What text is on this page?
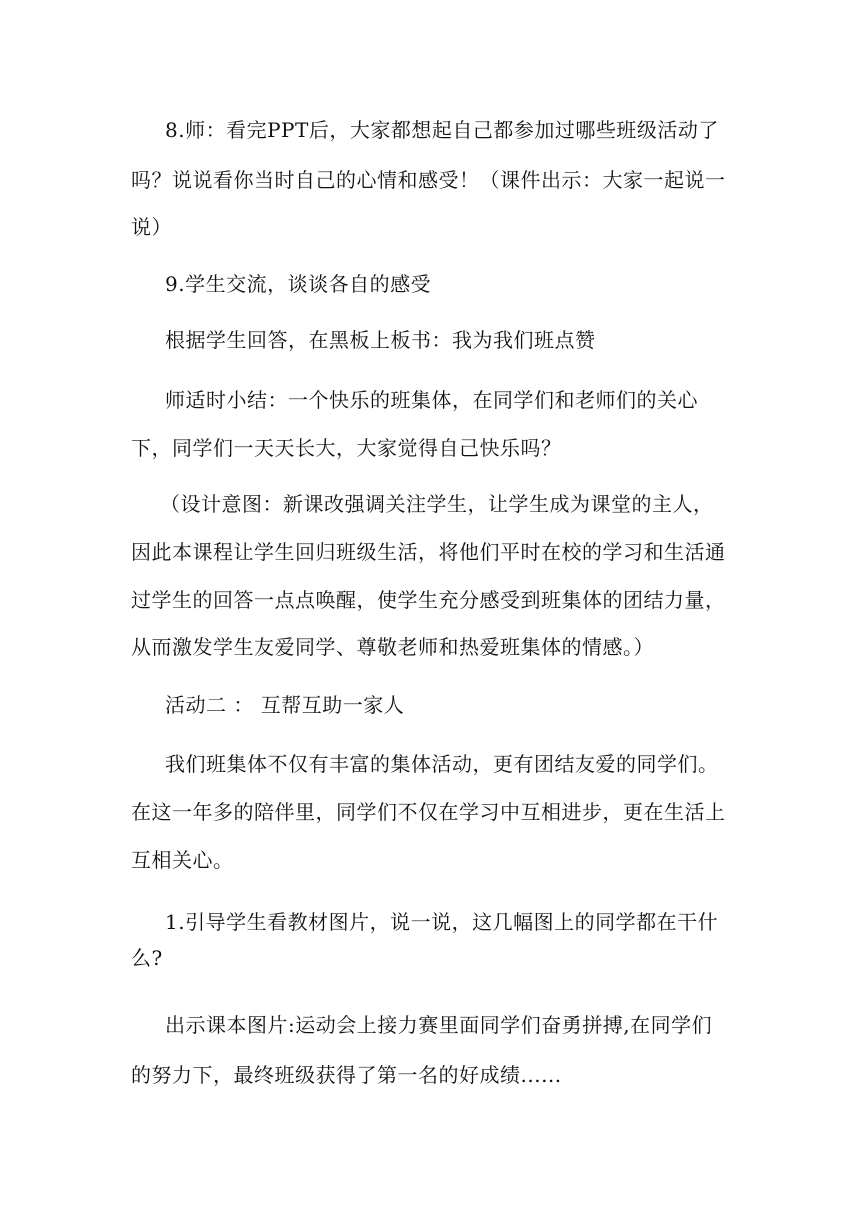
8.师：看完PPT后，大家都想起自己都参加过哪些班级活动了
吗？说说看你当时自己的心情和感受！（课件出示：大家一起说一
说）
9.学生交流，谈谈各自的感受
根据学生回答，在黑板上板书：我为我们班点赞
师适时小结：一个快乐的班集体，在同学们和老师们的关心
下，同学们一天天长大，大家觉得自己快乐吗？
（设计意图：新课改强调关注学生，让学生成为课堂的主人，
因此本课程让学生回归班级生活，将他们平时在校的学习和生活通
过学生的回答一点点唤醒，使学生充分感受到班集体的团结力量，
从而激发学生友爱同学、尊敬老师和热爱班集体的情感。）
活动二 ： 互帮互助一家人
我们班集体不仅有丰富的集体活动，更有团结友爱的同学们。
在这一年多的陪伴里，同学们不仅在学习中互相进步，更在生活上
互相关心。
1.引导学生看教材图片，说一说，这几幅图上的同学都在干什
么?
出示课本图片:运动会上接力赛里面同学们奋勇拼搏,在同学们
的努力下，最终班级获得了第一名的好成绩......
